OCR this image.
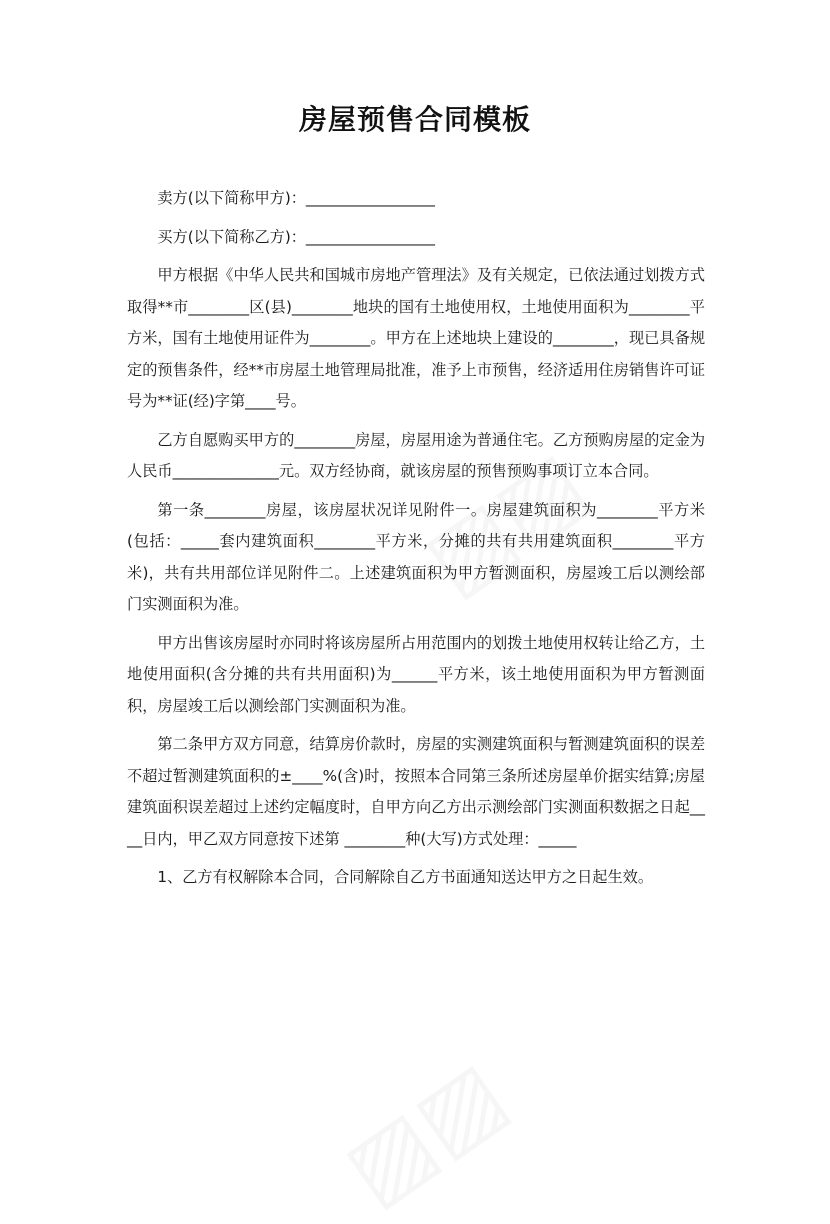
房屋预售合同模板

卖方(以下简称甲方)：_________________

买方(以下简称乙方)：_________________

甲方根据《中华人民共和国城市房地产管理法》及有关规定，已依法通过划拨方式取得**市________区(县)________地块的国有土地使用权，土地使用面积为________平方米，国有土地使用证件为________。甲方在上述地块上建设的________，现已具备规定的预售条件，经**市房屋土地管理局批准，准予上市预售，经济适用住房销售许可证号为**证(经)字第____号。

乙方自愿购买甲方的________房屋，房屋用途为普通住宅。乙方预购房屋的定金为人民币______________元。双方经协商，就该房屋的预售预购事项订立本合同。

第一条________房屋，该房屋状况详见附件一。房屋建筑面积为________平方米(包括：_____套内建筑面积________平方米，分摊的共有共用建筑面积________平方米)，共有共用部位详见附件二。上述建筑面积为甲方暂测面积，房屋竣工后以测绘部门实测面积为准。

甲方出售该房屋时亦同时将该房屋所占用范围内的划拨土地使用权转让给乙方，土地使用面积(含分摊的共有共用面积)为______平方米，该土地使用面积为甲方暂测面积，房屋竣工后以测绘部门实测面积为准。

第二条甲方双方同意，结算房价款时，房屋的实测建筑面积与暂测建筑面积的误差不超过暂测建筑面积的±____%(含)时，按照本合同第三条所述房屋单价据实结算;房屋建筑面积误差超过上述约定幅度时，自甲方向乙方出示测绘部门实测面积数据之日起____日内，甲乙双方同意按下述第 ________种(大写)方式处理：_____

1、乙方有权解除本合同，合同解除自乙方书面通知送达甲方之日起生效。
